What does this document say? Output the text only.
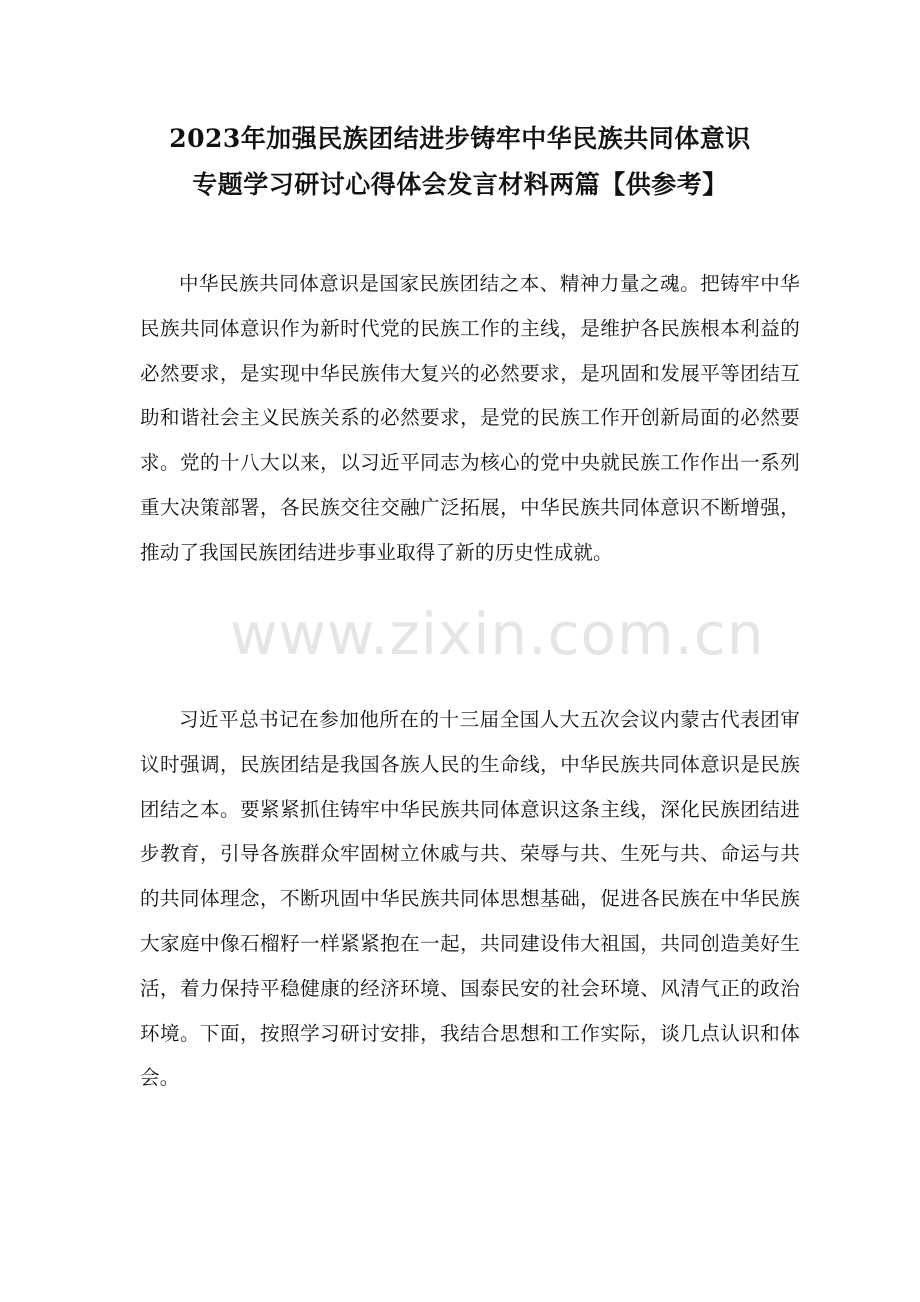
2023年加强民族团结进步铸牢中华民族共同体意识
专题学习研讨心得体会发言材料两篇【供参考】

中华民族共同体意识是国家民族团结之本、精神力量之魂。把铸牢中华民族共同体意识作为新时代党的民族工作的主线，是维护各民族根本利益的必然要求，是实现中华民族伟大复兴的必然要求，是巩固和发展平等团结互助和谐社会主义民族关系的必然要求，是党的民族工作开创新局面的必然要求。党的十八大以来，以习近平同志为核心的党中央就民族工作作出一系列重大决策部署，各民族交往交融广泛拓展，中华民族共同体意识不断增强，推动了我国民族团结进步事业取得了新的历史性成就。

www.zixin.com.cn

习近平总书记在参加他所在的十三届全国人大五次会议内蒙古代表团审议时强调，民族团结是我国各族人民的生命线，中华民族共同体意识是民族团结之本。要紧紧抓住铸牢中华民族共同体意识这条主线，深化民族团结进步教育，引导各族群众牢固树立休戚与共、荣辱与共、生死与共、命运与共的共同体理念，不断巩固中华民族共同体思想基础，促进各民族在中华民族大家庭中像石榴籽一样紧紧抱在一起，共同建设伟大祖国，共同创造美好生活，着力保持平稳健康的经济环境、国泰民安的社会环境、风清气正的政治环境。下面，按照学习研讨安排，我结合思想和工作实际，谈几点认识和体会。
